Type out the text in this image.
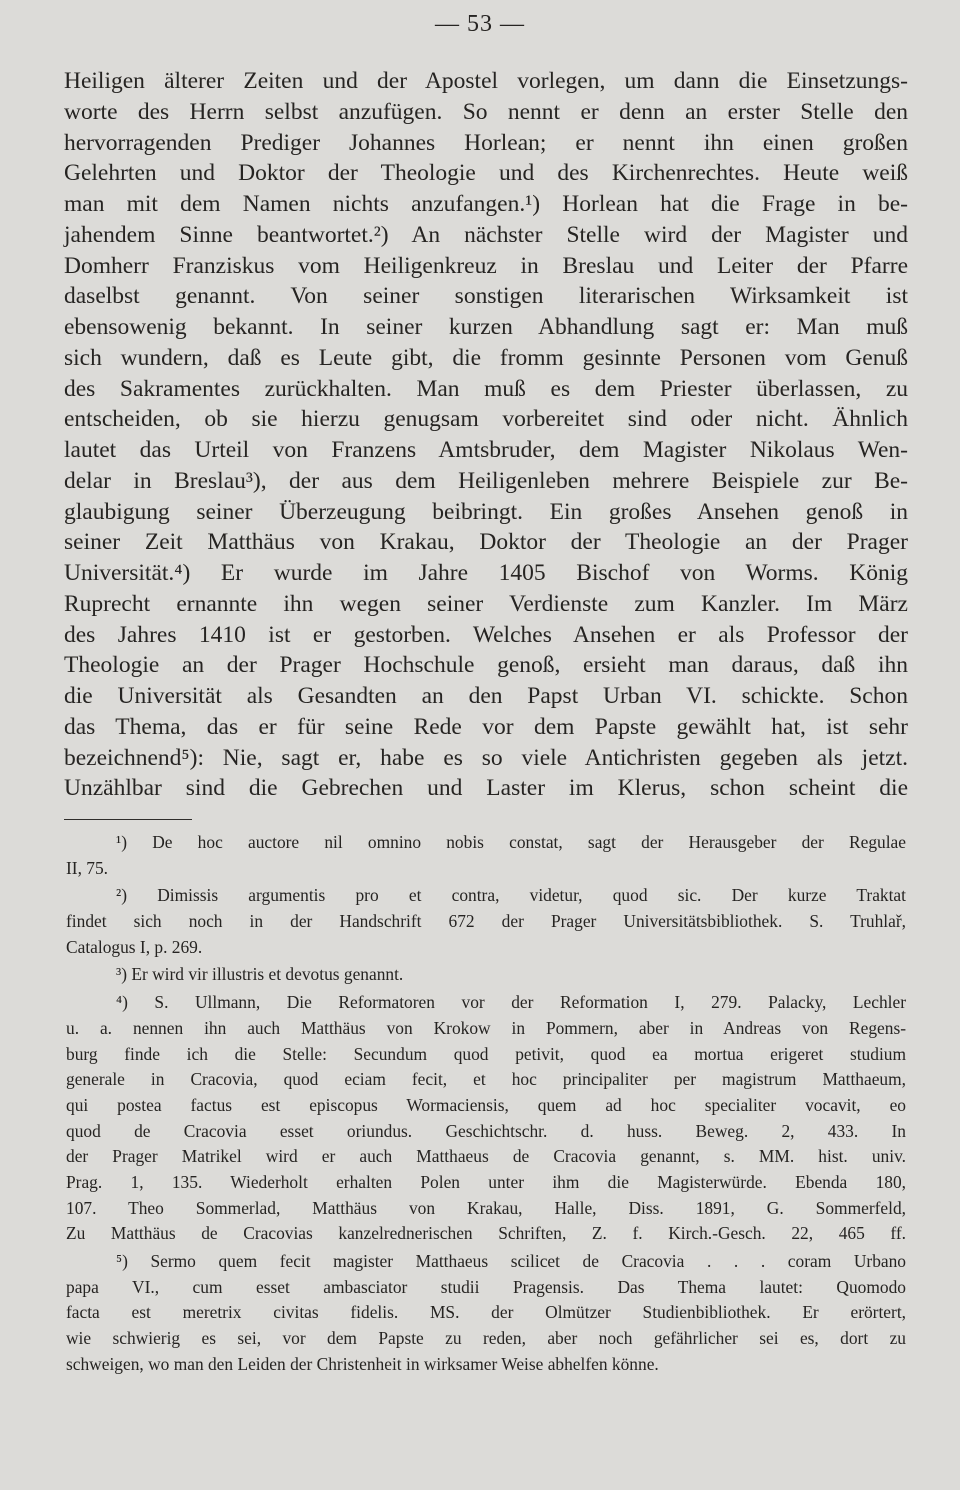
— 53 —
Heiligen älterer Zeiten und der Apostel vorlegen, um dann die Einsetzungs-
worte des Herrn selbst anzufügen. So nennt er denn an erster Stelle den
hervorragenden Prediger Johannes Horlean; er nennt ihn einen großen
Gelehrten und Doktor der Theologie und des Kirchenrechtes. Heute weiß
man mit dem Namen nichts anzufangen.¹) Horlean hat die Frage in be-
jahendem Sinne beantwortet.²) An nächster Stelle wird der Magister und
Domherr Franziskus vom Heiligenkreuz in Breslau und Leiter der Pfarre
daselbst genannt. Von seiner sonstigen literarischen Wirksamkeit ist
ebensowenig bekannt. In seiner kurzen Abhandlung sagt er: Man muß
sich wundern, daß es Leute gibt, die fromm gesinnte Personen vom Genuß
des Sakramentes zurückhalten. Man muß es dem Priester überlassen, zu
entscheiden, ob sie hierzu genugsam vorbereitet sind oder nicht. Ähnlich
lautet das Urteil von Franzens Amtsbruder, dem Magister Nikolaus Wen-
delar in Breslau³), der aus dem Heiligenleben mehrere Beispiele zur Be-
glaubigung seiner Überzeugung beibringt. Ein großes Ansehen genoß in
seiner Zeit Matthäus von Krakau, Doktor der Theologie an der Prager
Universität.⁴) Er wurde im Jahre 1405 Bischof von Worms. König
Ruprecht ernannte ihn wegen seiner Verdienste zum Kanzler. Im März
des Jahres 1410 ist er gestorben. Welches Ansehen er als Professor der
Theologie an der Prager Hochschule genoß, ersieht man daraus, daß ihn
die Universität als Gesandten an den Papst Urban VI. schickte. Schon
das Thema, das er für seine Rede vor dem Papste gewählt hat, ist sehr
bezeichnend⁵): Nie, sagt er, habe es so viele Antichristen gegeben als jetzt.
Unzählbar sind die Gebrechen und Laster im Klerus, schon scheint die
¹) De hoc auctore nil omnino nobis constat, sagt der Herausgeber der Regulae
II, 75.
²) Dimissis argumentis pro et contra, videtur, quod sic. Der kurze Traktat
findet sich noch in der Handschrift 672 der Prager Universitätsbibliothek. S. Truhlař,
Catalogus I, p. 269.
³) Er wird vir illustris et devotus genannt.
⁴) S. Ullmann, Die Reformatoren vor der Reformation I, 279. Palacky, Lechler
u. a. nennen ihn auch Matthäus von Krokow in Pommern, aber in Andreas von Regens-
burg finde ich die Stelle: Secundum quod petivit, quod ea mortua erigeret studium
generale in Cracovia, quod eciam fecit, et hoc principaliter per magistrum Matthaeum,
qui postea factus est episcopus Wormaciensis, quem ad hoc specialiter vocavit, eo
quod de Cracovia esset oriundus. Geschichtschr. d. huss. Beweg. 2, 433. In
der Prager Matrikel wird er auch Matthaeus de Cracovia genannt, s. MM. hist. univ.
Prag. 1, 135. Wiederholt erhalten Polen unter ihm die Magisterwürde. Ebenda 180,
107. Theo Sommerlad, Matthäus von Krakau, Halle, Diss. 1891, G. Sommerfeld,
Zu Matthäus de Cracovias kanzelrednerischen Schriften, Z. f. Kirch.-Gesch. 22, 465 ff.
⁵) Sermo quem fecit magister Matthaeus scilicet de Cracovia . . . coram Urbano
papa VI., cum esset ambasciator studii Pragensis. Das Thema lautet: Quomodo
facta est meretrix civitas fidelis. MS. der Olmützer Studienbibliothek. Er erörtert,
wie schwierig es sei, vor dem Papste zu reden, aber noch gefährlicher sei es, dort zu
schweigen, wo man den Leiden der Christenheit in wirksamer Weise abhelfen könne.
